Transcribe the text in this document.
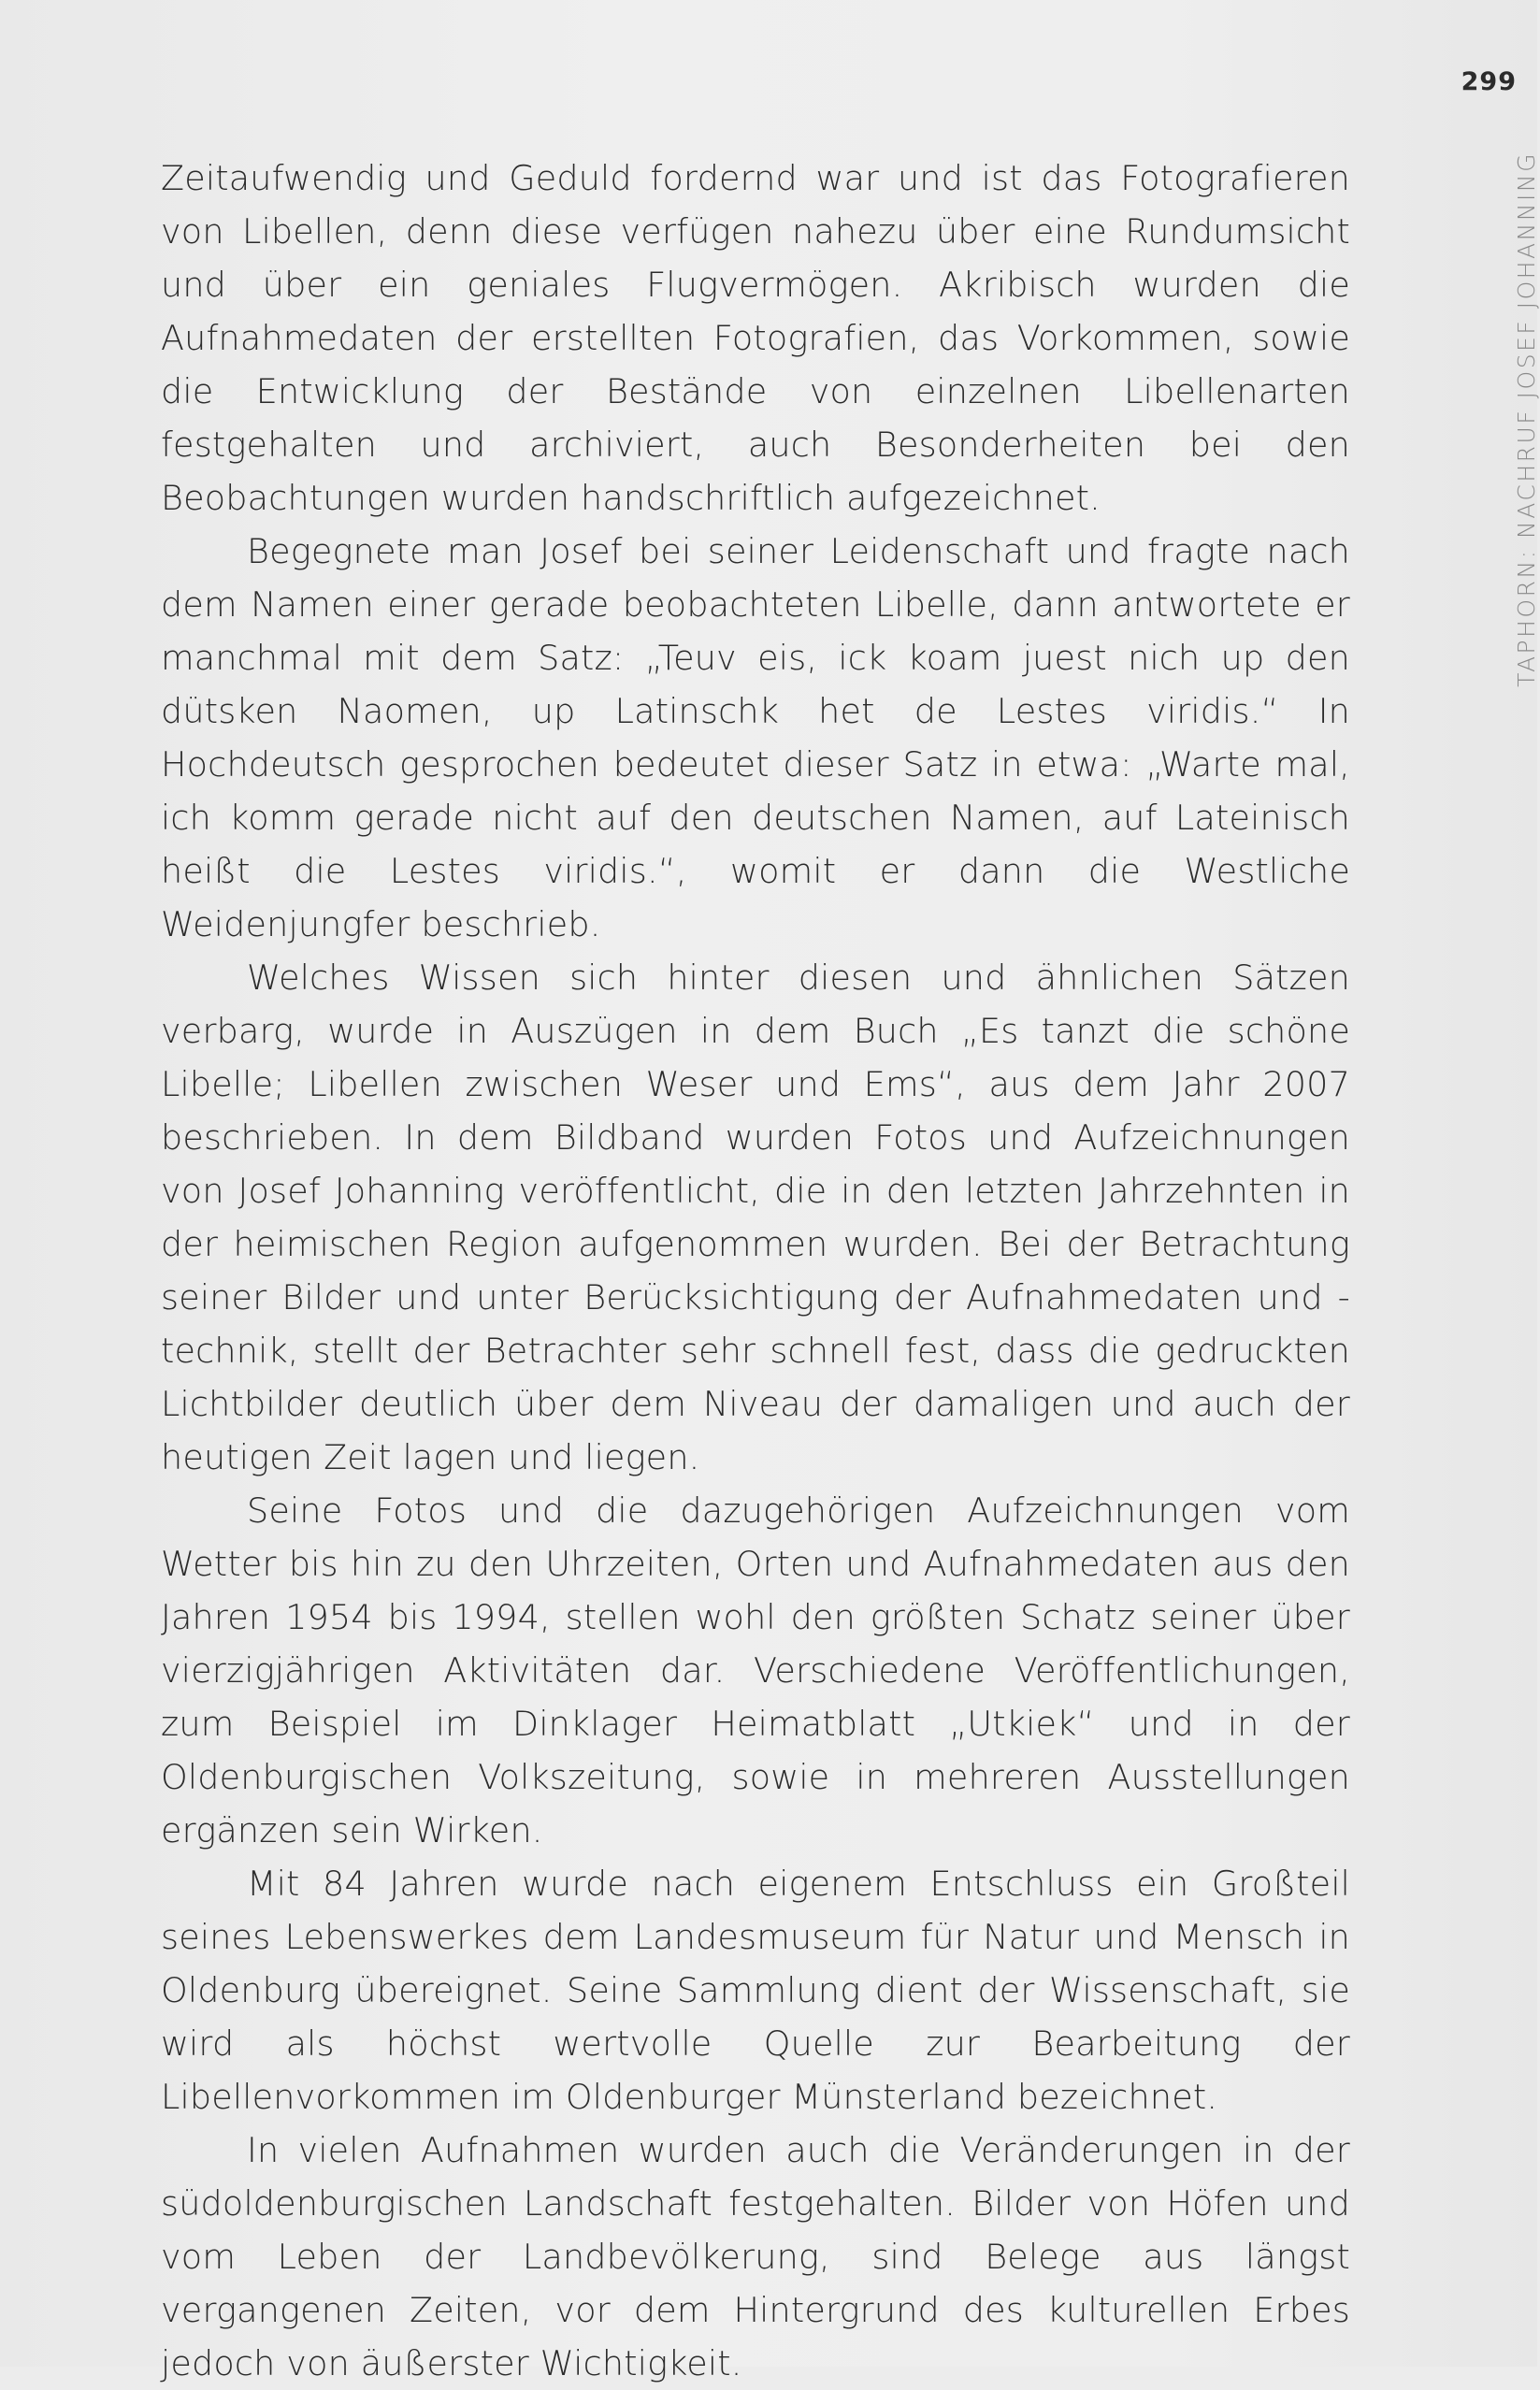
299
TAPHORN: NACHRUF JOSEF JOHANNING

Zeitaufwendig und Geduld fordernd war und ist das Fotografieren von Libellen, denn diese verfügen nahezu über eine Rundumsicht und über ein geniales Flugvermögen. Akribisch wurden die Aufnahmedaten der erstellten Fotografien, das Vorkommen, sowie die Entwicklung der Bestände von einzelnen Libellenarten festgehalten und archiviert, auch Besonderheiten bei den Beobachtungen wurden handschriftlich aufgezeichnet.

Begegnete man Josef bei seiner Leidenschaft und fragte nach dem Namen einer gerade beobachteten Libelle, dann antwortete er manchmal mit dem Satz: „Teuv eis, ick koam juest nich up den dütsken Naomen, up Latinschk het de Lestes viridis.“ In Hochdeutsch gesprochen bedeutet dieser Satz in etwa: „Warte mal, ich komm gerade nicht auf den deutschen Namen, auf Lateinisch heißt die Lestes viridis.“, womit er dann die Westliche Weidenjungfer beschrieb.

Welches Wissen sich hinter diesen und ähnlichen Sätzen verbarg, wurde in Auszügen in dem Buch „Es tanzt die schöne Libelle; Libellen zwischen Weser und Ems“, aus dem Jahr 2007 beschrieben. In dem Bildband wurden Fotos und Aufzeichnungen von Josef Johanning veröffentlicht, die in den letzten Jahrzehnten in der heimischen Region aufgenommen wurden. Bei der Betrachtung seiner Bilder und unter Berücksichtigung der Aufnahmedaten und -technik, stellt der Betrachter sehr schnell fest, dass die gedruckten Lichtbilder deutlich über dem Niveau der damaligen und auch der heutigen Zeit lagen und liegen.

Seine Fotos und die dazugehörigen Aufzeichnungen vom Wetter bis hin zu den Uhrzeiten, Orten und Aufnahmedaten aus den Jahren 1954 bis 1994, stellen wohl den größten Schatz seiner über vierzigjährigen Aktivitäten dar. Verschiedene Veröffentlichungen, zum Beispiel im Dinklager Heimatblatt „Utkiek“ und in der Oldenburgischen Volkszeitung, sowie in mehreren Ausstellungen ergänzen sein Wirken.

Mit 84 Jahren wurde nach eigenem Entschluss ein Großteil seines Lebenswerkes dem Landesmuseum für Natur und Mensch in Oldenburg übereignet. Seine Sammlung dient der Wissenschaft, sie wird als höchst wertvolle Quelle zur Bearbeitung der Libellenvorkommen im Oldenburger Münsterland bezeichnet.

In vielen Aufnahmen wurden auch die Veränderungen in der südoldenburgischen Landschaft festgehalten. Bilder von Höfen und vom Leben der Landbevölkerung, sind Belege aus längst vergangenen Zeiten, vor dem Hintergrund des kulturellen Erbes jedoch von äußerster Wichtigkeit.
